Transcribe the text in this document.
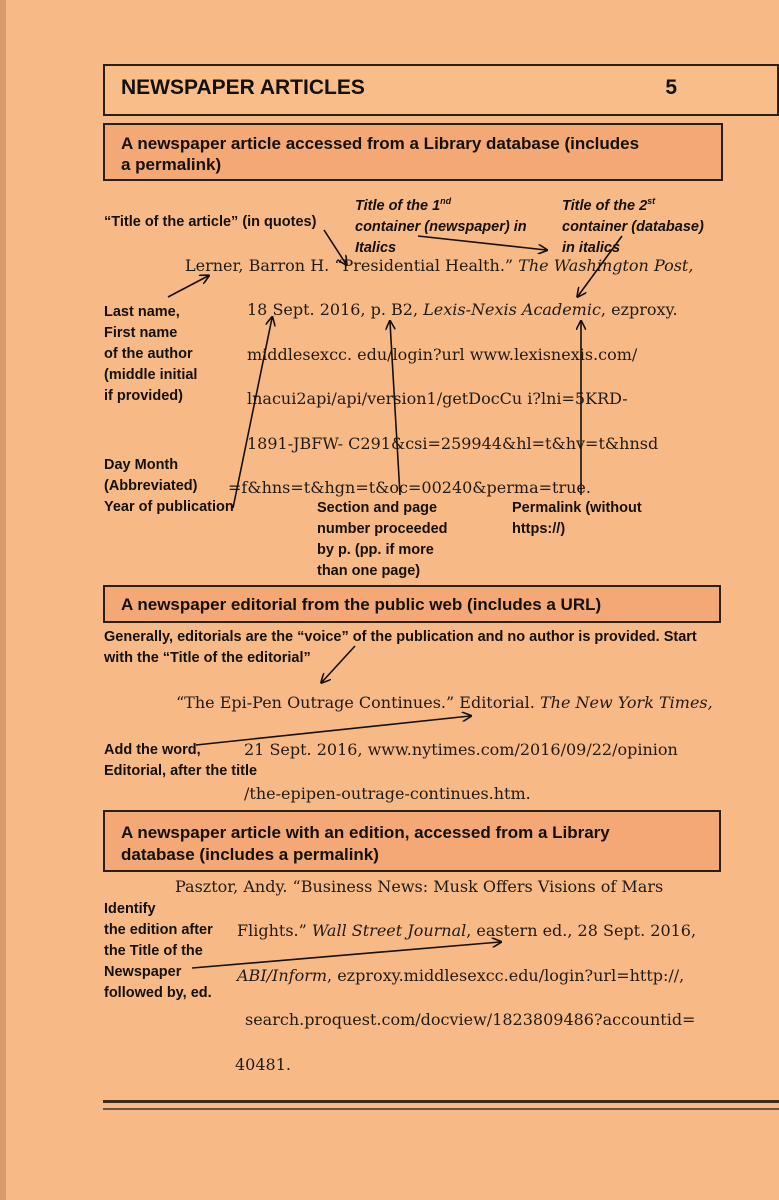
NEWSPAPER ARTICLES	5
A newspaper article accessed from a Library database (includes
a permalink)
“Title of the article” (in quotes)
Title of the 1nd
container (newspaper) in
Italics
Title of the 2st
container (database)
in italics
Lerner, Barron H. “Presidential Health.” The Washington Post,
18 Sept. 2016, p. B2, Lexis-Nexis Academic, ezproxy.
middlesexcc. edu/login?url www.lexisnexis.com/
lnacui2api/api/version1/getDocCu i?lni=5KRD-
1891-JBFW- C291&csi=259944&hl=t&hv=t&hnsd
=f&hns=t&hgn=t&oc=00240&perma=true.
Last name,
First name
of the author
(middle initial
if provided)
Day Month
(Abbreviated)
Year of publication	Section and page
number proceeded
by p. (pp. if more
than one page)
Permalink (without
https://)
A newspaper editorial from the public web (includes a URL)
Generally, editorials are the “voice” of the publication and no author is provided. Start
with the “Title of the editorial”
“The Epi-Pen Outrage Continues.” Editorial. The New York Times,
21 Sept. 2016, www.nytimes.com/2016/09/22/opinion
/the-epipen-outrage-continues.htm.
Add the word,
Editorial, after the title
A newspaper article with an edition, accessed from a Library
database (includes a permalink)
Pasztor, Andy. “Business News: Musk Offers Visions of Mars
Flights.” Wall Street Journal, eastern ed., 28 Sept. 2016,
ABI/Inform, ezproxy.middlesexcc.edu/login?url=http://,
search.proquest.com/docview/1823809486?accountid=
40481.
Identify
the edition after
the Title of the
Newspaper
followed by, ed.
